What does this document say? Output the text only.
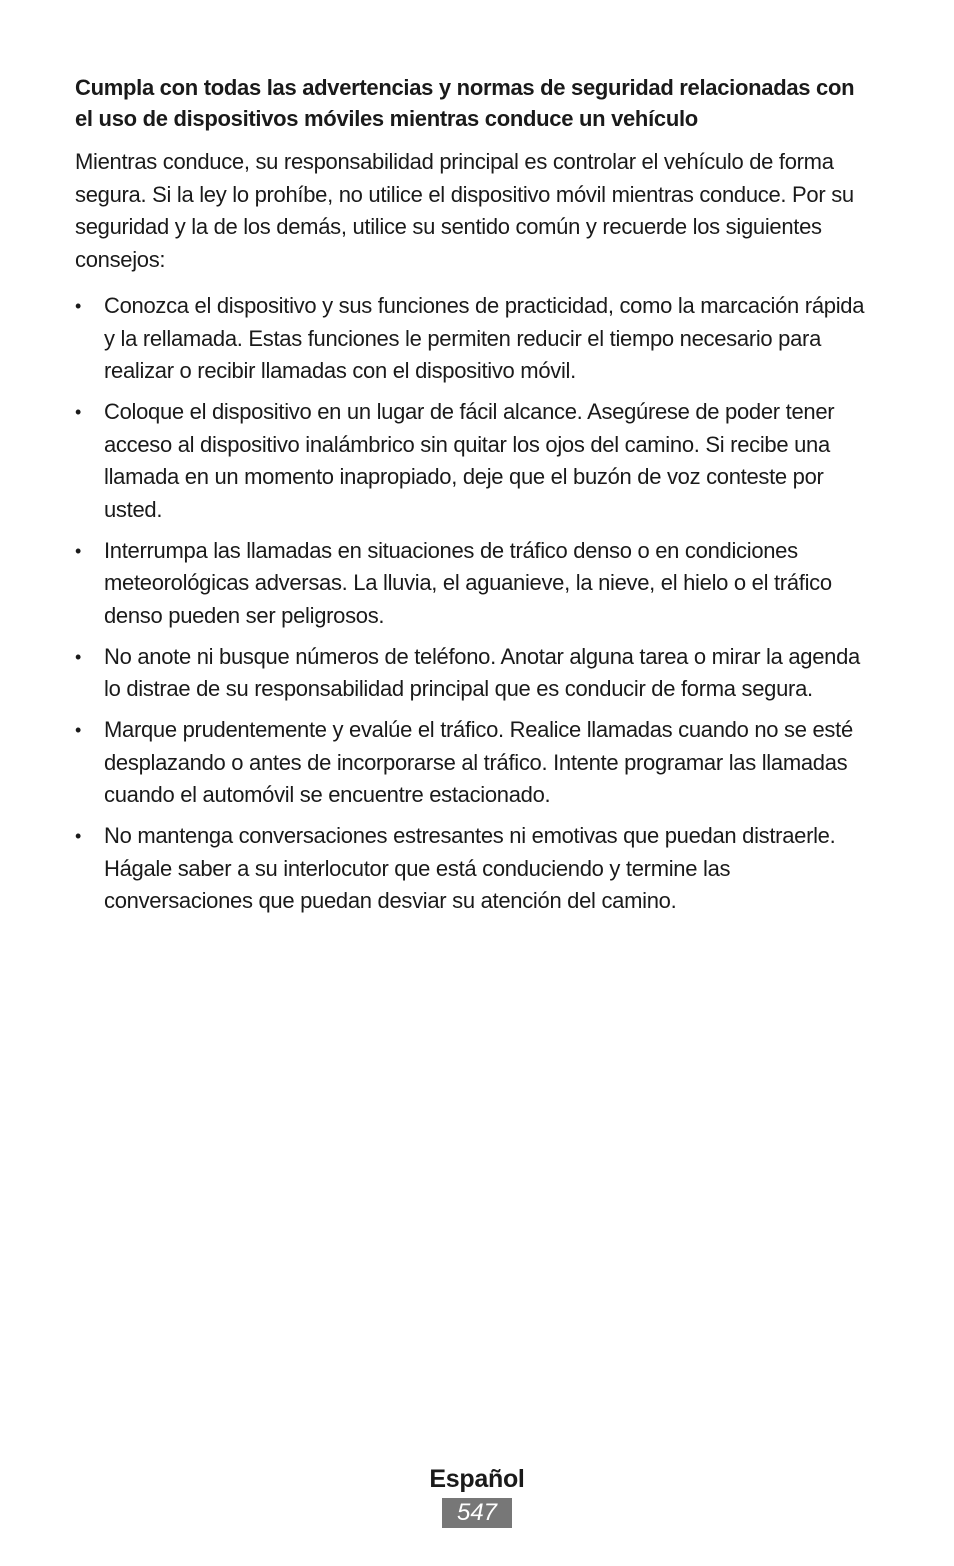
Cumpla con todas las advertencias y normas de seguridad relacionadas con el uso de dispositivos móviles mientras conduce un vehículo

Mientras conduce, su responsabilidad principal es controlar el vehículo de forma segura. Si la ley lo prohíbe, no utilice el dispositivo móvil mientras conduce. Por su seguridad y la de los demás, utilice su sentido común y recuerde los siguientes consejos:

• Conozca el dispositivo y sus funciones de practicidad, como la marcación rápida y la rellamada. Estas funciones le permiten reducir el tiempo necesario para realizar o recibir llamadas con el dispositivo móvil.
• Coloque el dispositivo en un lugar de fácil alcance. Asegúrese de poder tener acceso al dispositivo inalámbrico sin quitar los ojos del camino. Si recibe una llamada en un momento inapropiado, deje que el buzón de voz conteste por usted.
• Interrumpa las llamadas en situaciones de tráfico denso o en condiciones meteorológicas adversas. La lluvia, el aguanieve, la nieve, el hielo o el tráfico denso pueden ser peligrosos.
• No anote ni busque números de teléfono. Anotar alguna tarea o mirar la agenda lo distrae de su responsabilidad principal que es conducir de forma segura.
• Marque prudentemente y evalúe el tráfico. Realice llamadas cuando no se esté desplazando o antes de incorporarse al tráfico. Intente programar las llamadas cuando el automóvil se encuentre estacionado.
• No mantenga conversaciones estresantes ni emotivas que puedan distraerle. Hágale saber a su interlocutor que está conduciendo y termine las conversaciones que puedan desviar su atención del camino.
Español
547
